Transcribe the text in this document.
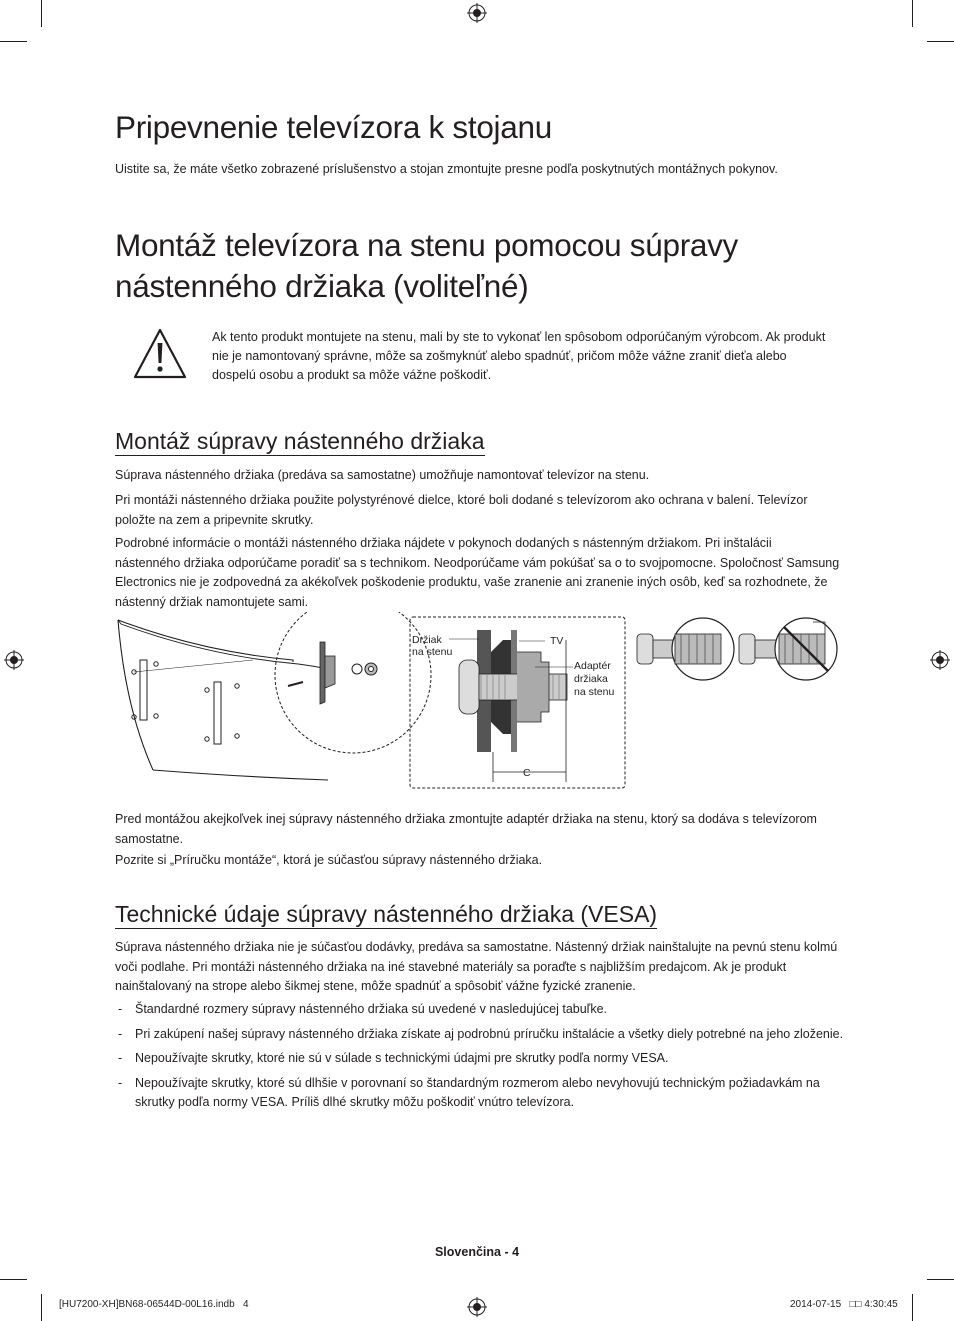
Pripevnenie televízora k stojanu
Uistite sa, že máte všetko zobrazené príslušenstvo a stojan zmontujte presne podľa poskytnutých montážnych pokynov.
Montáž televízora na stenu pomocou súpravy
nástenného držiaka (voliteľné)
Ak tento produkt montujete na stenu, mali by ste to vykonať len spôsobom odporúčaným výrobcom. Ak produkt nie je namontovaný správne, môže sa zošmyknúť alebo spadnúť, pričom môže vážne zraniť dieťa alebo dospelú osobu a produkt sa môže vážne poškodiť.
Montáž súpravy nástenného držiaka
Súprava nástenného držiaka (predáva sa samostatne) umožňuje namontovať televízor na stenu.
Pri montáži nástenného držiaka použite polystyrénové dielce, ktoré boli dodané s televízorom ako ochrana v balení. Televízor položte na zem a pripevnite skrutky.
Podrobné informácie o montáži nástenného držiaka nájdete v pokynoch dodaných s nástenným držiakom. Pri inštalácii nástenného držiaka odporúčame poradiť sa s technikom. Neodporúčame vám pokúšať sa o to svojpomocne. Spoločnosť Samsung Electronics nie je zodpovedná za akékoľvek poškodenie produktu, vaše zranenie ani zranenie iných osôb, keď sa rozhodnete, že nástenný držiak namontujete sami.
Držiak
na stenu
TV
Adaptér
držiaka
na stenu
C
Pred montážou akejkoľvek inej súpravy nástenného držiaka zmontujte adaptér držiaka na stenu, ktorý sa dodáva s televízorom samostatne.
Pozrite si „Príručku montáže“, ktorá je súčasťou súpravy nástenného držiaka.
Technické údaje súpravy nástenného držiaka (VESA)
Súprava nástenného držiaka nie je súčasťou dodávky, predáva sa samostatne. Nástenný držiak nainštalujte na pevnú stenu kolmú voči podlahe. Pri montáži nástenného držiaka na iné stavebné materiály sa poraďte s najbližším predajcom. Ak je produkt nainštalovaný na strope alebo šikmej stene, môže spadnúť a spôsobiť vážne fyzické zranenie.
- Štandardné rozmery súpravy nástenného držiaka sú uvedené v nasledujúcej tabuľke.
- Pri zakúpení našej súpravy nástenného držiaka získate aj podrobnú príručku inštalácie a všetky diely potrebné na jeho zloženie.
- Nepoužívajte skrutky, ktoré nie sú v súlade s technickými údajmi pre skrutky podľa normy VESA.
- Nepoužívajte skrutky, ktoré sú dlhšie v porovnaní so štandardným rozmerom alebo nevyhovujú technickým požiadavkám na skrutky podľa normy VESA. Príliš dlhé skrutky môžu poškodiť vnútro televízora.
Slovenčina - 4
[HU7200-XH]BN68-06544D-00L16.indb   4	2014-07-15   □□ 4:30:45
